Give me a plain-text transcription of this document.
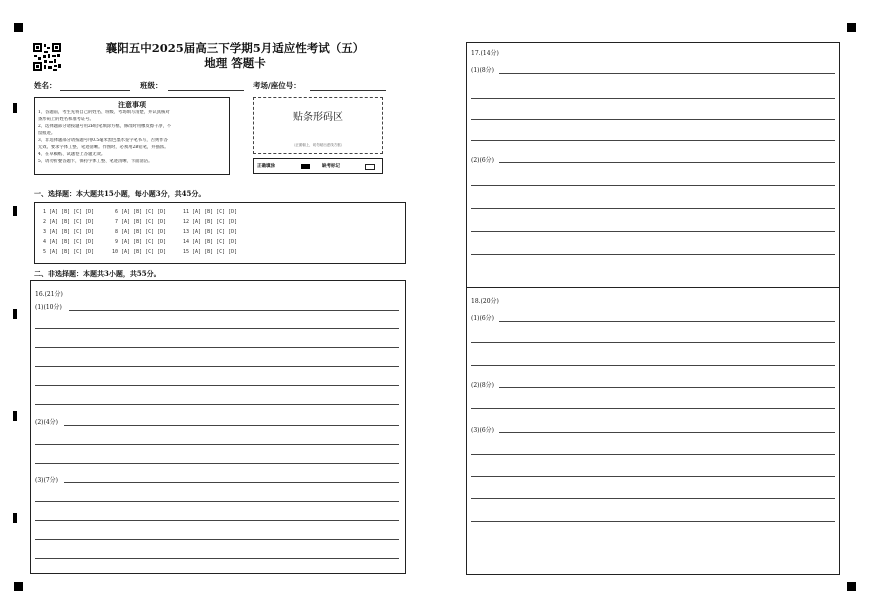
襄阳五中2025届高三下学期5月适应性考试（五）
地理 答题卡
姓名：	班级：	考场/座位号：
注意事项
1、答题前，考生先将自己的姓名、班级、考场填写清楚，并认真核对
条形码上的姓名和准考证号。
2、选择题部分请按题号用2B铅笔填涂方框，修改时用橡皮擦干净，不
留痕迹。
3、非选择题部分请按题号用0.5毫米黑色墨水签字笔书写，否则作答
无效。要求字体工整、笔迹清晰。作图时，必须用2B铅笔，并描浓。
4、在草稿纸、试题卷上答题无效。
5、请勿折叠答题卡，保持字体工整、笔迹清晰、卡面清洁。
贴条形码区
（正面朝上，切勿贴出虚线方框）
正确填涂	缺考标记
一、选择题：本大题共15小题，每小题3分，共45分。
1 [A] [B] [C] [D]
2 [A] [B] [C] [D]
3 [A] [B] [C] [D]
4 [A] [B] [C] [D]
5 [A] [B] [C] [D]
6 [A] [B] [C] [D]
7 [A] [B] [C] [D]
8 [A] [B] [C] [D]
9 [A] [B] [C] [D]
10 [A] [B] [C] [D]
11 [A] [B] [C] [D]
12 [A] [B] [C] [D]
13 [A] [B] [C] [D]
14 [A] [B] [C] [D]
15 [A] [B] [C] [D]
二、非选择题：本题共3小题，共55分。
16.(21分)
(1)(10分)
(2)(4分)
(3)(7分)
17.(14分)
(1)(8分)
(2)(6分)
18.(20分)
(1)(6分)
(2)(8分)
(3)(6分)
